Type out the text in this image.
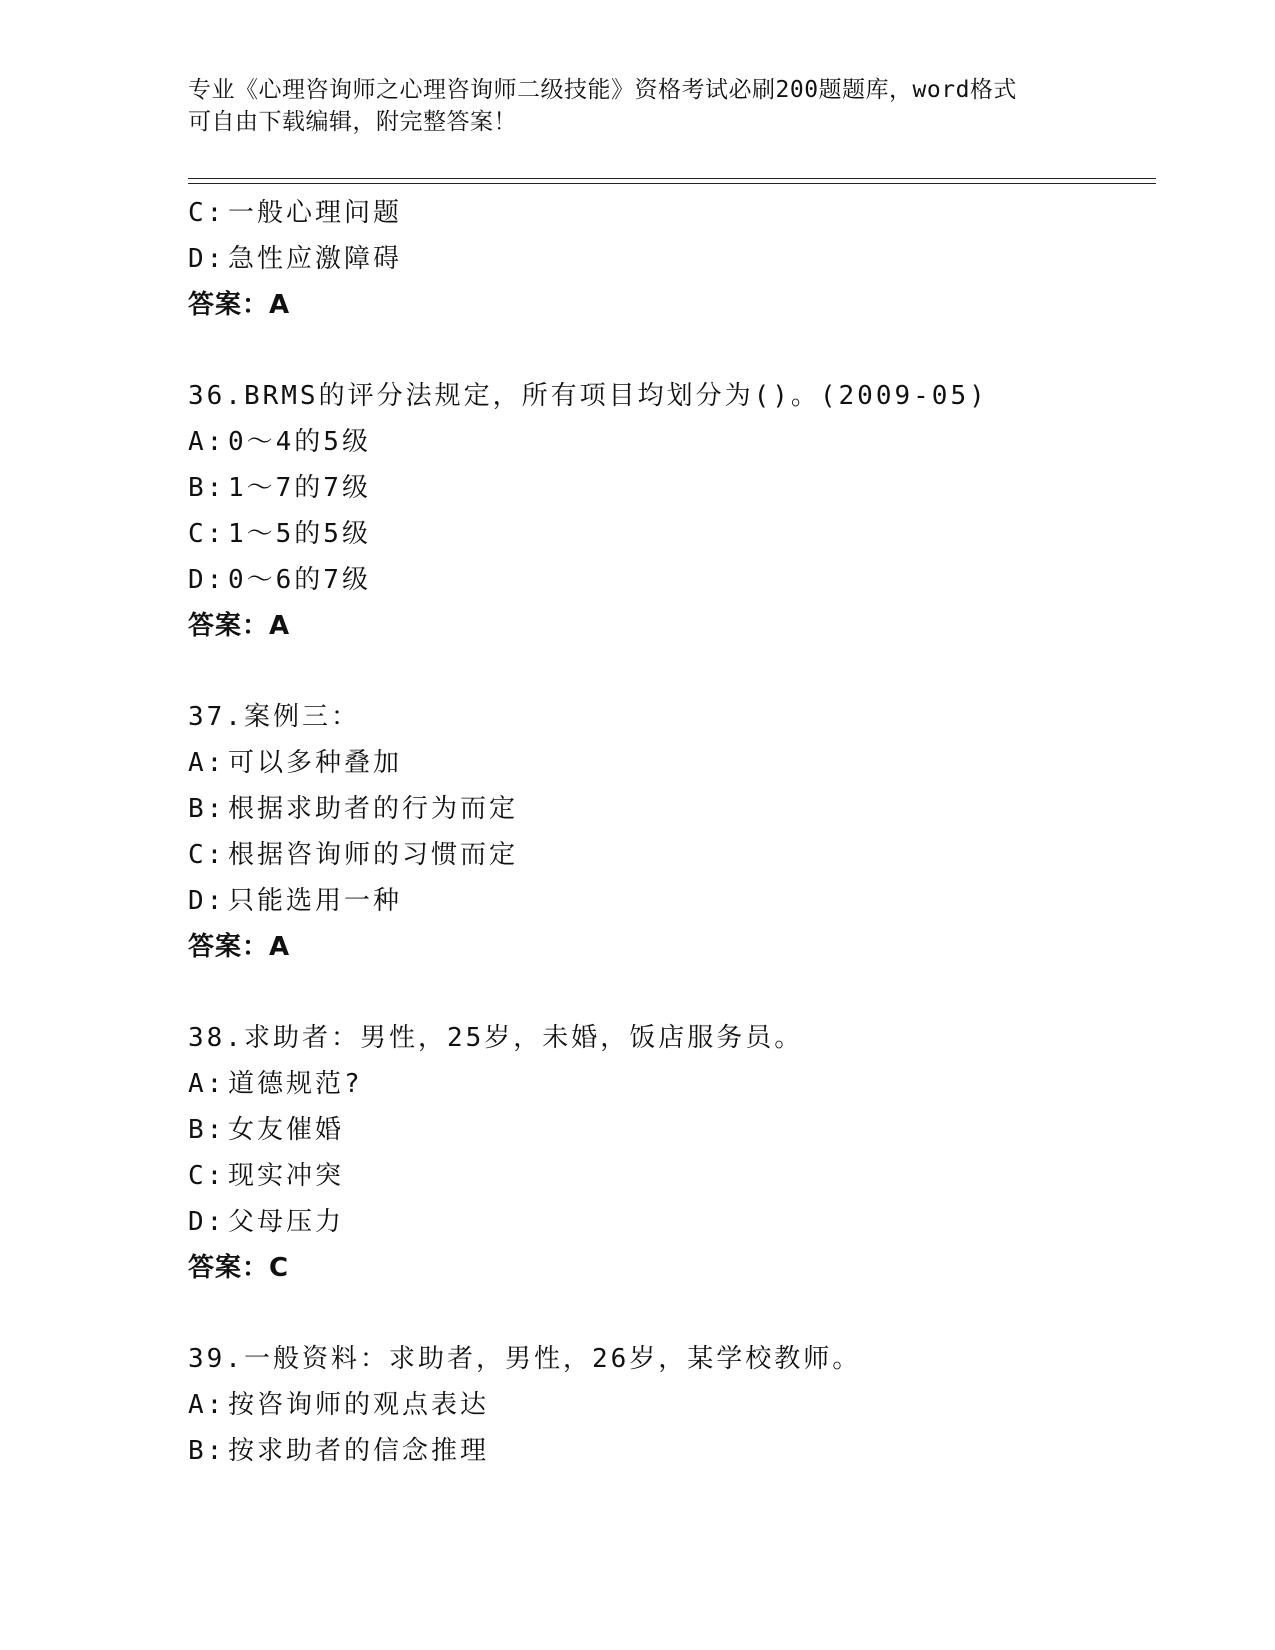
专业《心理咨询师之心理咨询师二级技能》资格考试必刷200题题库，word格式
可自由下载编辑，附完整答案！
C: 一般心理问题
D: 急性应激障碍
答案：A
36.BRMS的评分法规定，所有项目均划分为()。(2009-05)
A: 0～4的5级
B: 1～7的7级
C: 1～5的5级
D: 0～6的7级
答案：A
37.案例三：
A: 可以多种叠加
B: 根据求助者的行为而定
C: 根据咨询师的习惯而定
D: 只能选用一种
答案：A
38.求助者：男性，25岁，未婚，饭店服务员。
A: 道德规范?
B: 女友催婚
C: 现实冲突
D: 父母压力
答案：C
39.一般资料：求助者，男性，26岁，某学校教师。
A: 按咨询师的观点表达
B: 按求助者的信念推理
